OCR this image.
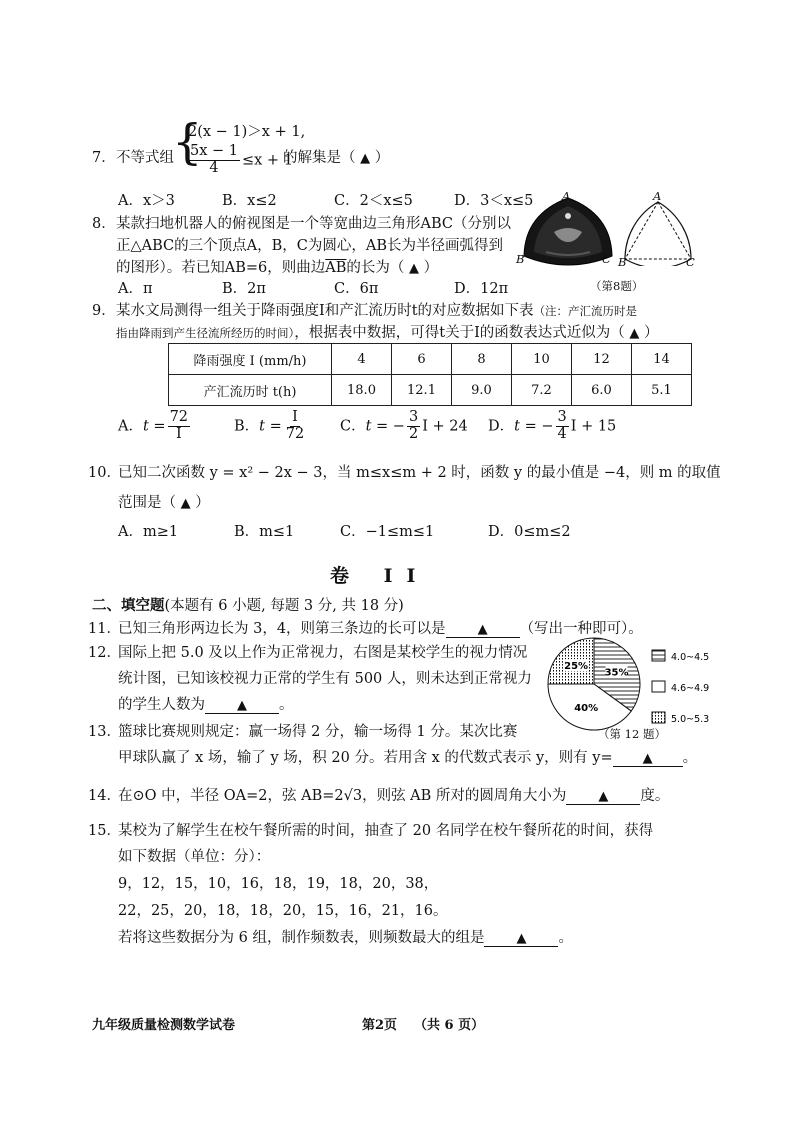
7． 不等式组
{
2(x − 1)＞x + 1,
$\frac{5x - 1}{4} \le x + 1$
的解集是（ ▲ ）
A．x＞3	B．x≤2	C．2＜x≤5	D．3＜x≤5
8． 某款扫地机器人的俯视图是一个等宽曲边三角形ABC（分别以
正△ABC的三个顶点A，B，C为圆心，AB长为半径画弧得到
的图形）。若已知AB=6，则曲边$\overline{AB}$的长为（ ▲ ）
A．π	B．2π	C．6π	D．12π
A
B	C
（第8题）
A
B	C
9． 某水文局测得一组关于降雨强度I和产汇流历时t的对应数据如下表（注：产汇流历时是
指由降雨到产生径流所经历的时间），根据表中数据，可得t关于I的函数表达式近似为（ ▲ ）
降雨强度 I (mm/h)	4	6	8	10	12	14
产汇流历时 t(h)	18.0	12.1	9.0	7.2	6.0	5.1
A．$t = \frac{72}{I}$	B．$t = \frac{I}{72}$ C．t = − $\frac{3}{2}$ I + 24 D．t = − $\frac{3}{4}$ I + 15
10．
已知二次函数 y = x² − 2x − 3，当 m≤x≤m + 2 时，函数 y 的最小值是 −4，则 m 的取值
范围是（ ▲ ）
A．m≥1	B．m≤1	C．−1≤m≤1	D．0≤m≤2
卷 II
二、填空题(本题有 6 小题, 每题 3 分, 共 18 分)
11．
已知三角形两边长为 3，4，则第三条边的长可以是 ▲ （写出一种即可）。
12．
国际上把 5.0 及以上作为正常视力，右图是某校学生的视力情况
统计图，已知该校视力正常的学生有 500 人，则未达到正常视力
的学生人数为 ▲ 。
35%
40%
25%
4.0~4.5
4.6~4.9
5.0~5.3
（第 12 题）
13．
篮球比赛规则规定：赢一场得 2 分，输一场得 1 分。某次比赛
甲球队赢了 x 场，输了 y 场，积 20 分。若用含 x 的代数式表示 y，则有 y= ▲ 。
14．
在⊙O 中，半径 OA=2，弦 AB=2√3，则弦 AB 所对的圆周角大小为 ▲ 度。
15．
某校为了解学生在校午餐所需的时间，抽查了 20 名同学在校午餐所花的时间，获得
如下数据（单位：分）：
9，12，15，10，16，18，19，18，20，38，
22，25，20，18，18，20，15，16，21，16。
若将这些数据分为 6 组，制作频数表，则频数最大的组是 ▲ 。
九年级质量检测数学试卷	第2页 （共 6 页）
